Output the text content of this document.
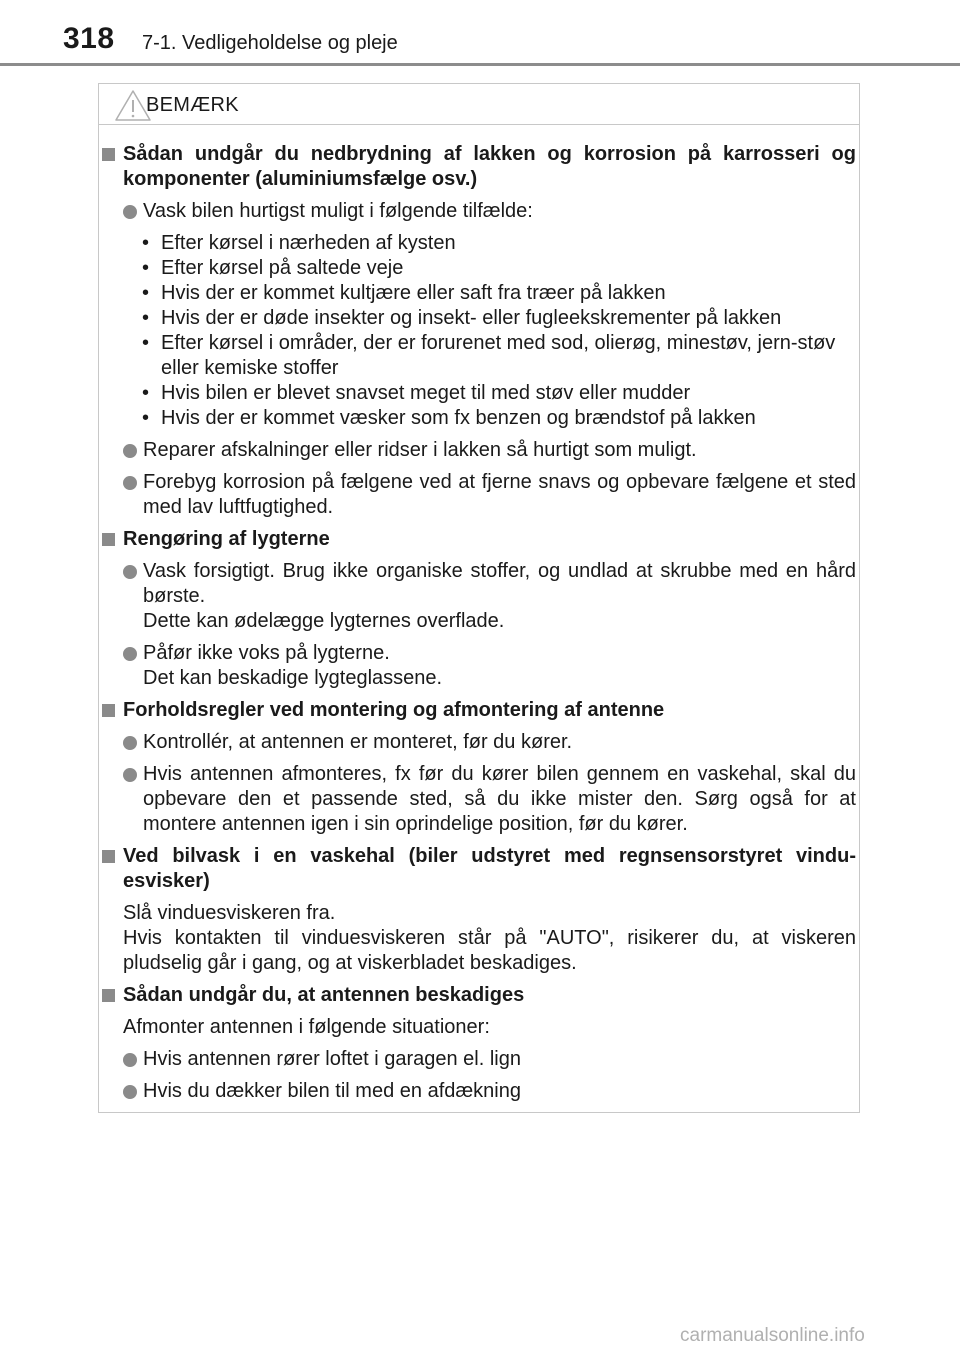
318 7-1. Vedligeholdelse og pleje
BEMÆRK
Sådan undgår du nedbrydning af lakken og korrosion på karrosseri og komponenter (aluminiumsfælge osv.)
Vask bilen hurtigst muligt i følgende tilfælde:
• Efter kørsel i nærheden af kysten
• Efter kørsel på saltede veje
• Hvis der er kommet kultjære eller saft fra træer på lakken
• Hvis der er døde insekter og insekt- eller fugleekskrementer på lakken
• Efter kørsel i områder, der er forurenet med sod, olierøg, minestøv, jern-støv eller kemiske stoffer
• Hvis bilen er blevet snavset meget til med støv eller mudder
• Hvis der er kommet væsker som fx benzen og brændstof på lakken
Reparer afskalninger eller ridser i lakken så hurtigt som muligt.
Forebyg korrosion på fælgene ved at fjerne snavs og opbevare fælgene et sted med lav luftfugtighed.
Rengøring af lygterne
Vask forsigtigt. Brug ikke organiske stoffer, og undlad at skrubbe med en hård børste.
Dette kan ødelægge lygternes overflade.
Påfør ikke voks på lygterne.
Det kan beskadige lygteglassene.
Forholdsregler ved montering og afmontering af antenne
Kontrollér, at antennen er monteret, før du kører.
Hvis antennen afmonteres, fx før du kører bilen gennem en vaskehal, skal du opbevare den et passende sted, så du ikke mister den. Sørg også for at montere antennen igen i sin oprindelige position, før du kører.
Ved bilvask i en vaskehal (biler udstyret med regnsensorstyret vindu-esvisker)
Slå vinduesviskeren fra.
Hvis kontakten til vinduesviskeren står på "AUTO", risikerer du, at viskeren pludselig går i gang, og at viskerbladet beskadiges.
Sådan undgår du, at antennen beskadiges
Afmonter antennen i følgende situationer:
Hvis antennen rører loftet i garagen el. lign
Hvis du dækker bilen til med en afdækning
carmanualsonline.info
